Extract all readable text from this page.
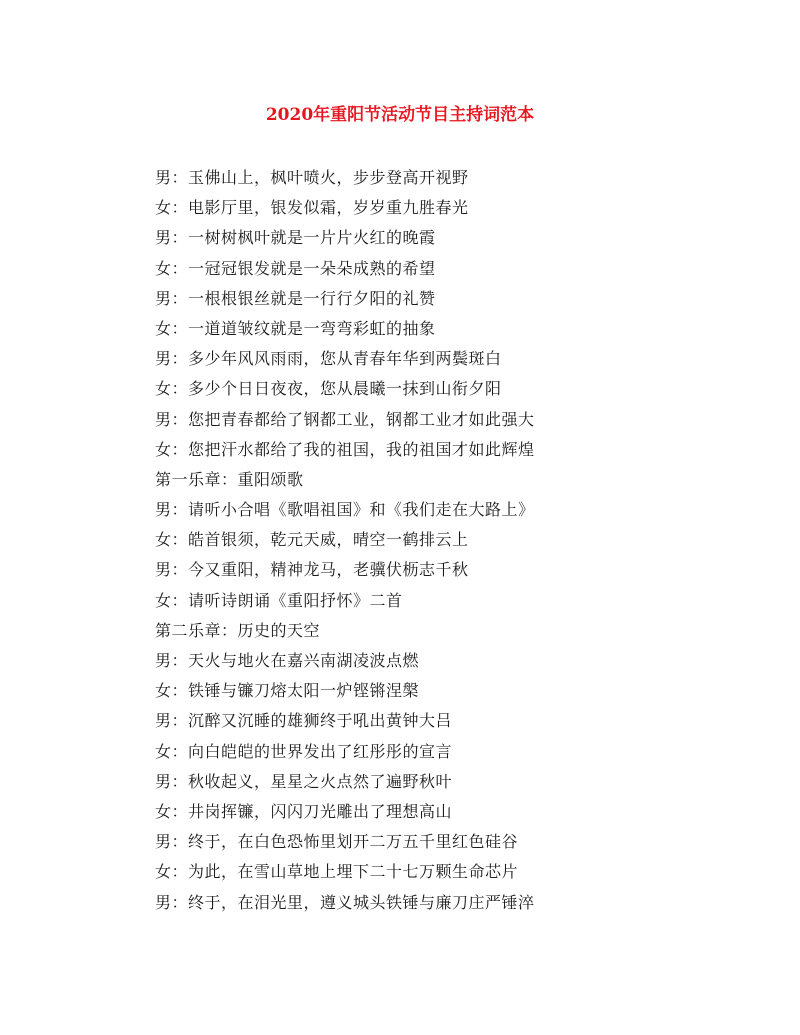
2020年重阳节活动节目主持词范本
男：玉佛山上，枫叶喷火，步步登高开视野
女：电影厅里，银发似霜，岁岁重九胜春光
男：一树树枫叶就是一片片火红的晚霞
女：一冠冠银发就是一朵朵成熟的希望
男：一根根银丝就是一行行夕阳的礼赞
女：一道道皱纹就是一弯弯彩虹的抽象
男：多少年风风雨雨，您从青春年华到两鬓斑白
女：多少个日日夜夜，您从晨曦一抹到山衔夕阳
男：您把青春都给了钢都工业，钢都工业才如此强大
女：您把汗水都给了我的祖国，我的祖国才如此辉煌
第一乐章：重阳颂歌
男：请听小合唱《歌唱祖国》和《我们走在大路上》
女：皓首银须，乾元天威，晴空一鹤排云上
男：今又重阳，精神龙马，老骥伏枥志千秋
女：请听诗朗诵《重阳抒怀》二首
第二乐章：历史的天空
男：天火与地火在嘉兴南湖凌波点燃
女：铁锤与镰刀熔太阳一炉铿锵涅槃
男：沉醉又沉睡的雄狮终于吼出黄钟大吕
女：向白皑皑的世界发出了红彤彤的宣言
男：秋收起义，星星之火点然了遍野秋叶
女：井岗挥镰，闪闪刀光雕出了理想高山
男：终于，在白色恐怖里划开二万五千里红色硅谷
女：为此，在雪山草地上埋下二十七万颗生命芯片
男：终于，在泪光里，遵义城头铁锤与廉刀庄严锤淬
